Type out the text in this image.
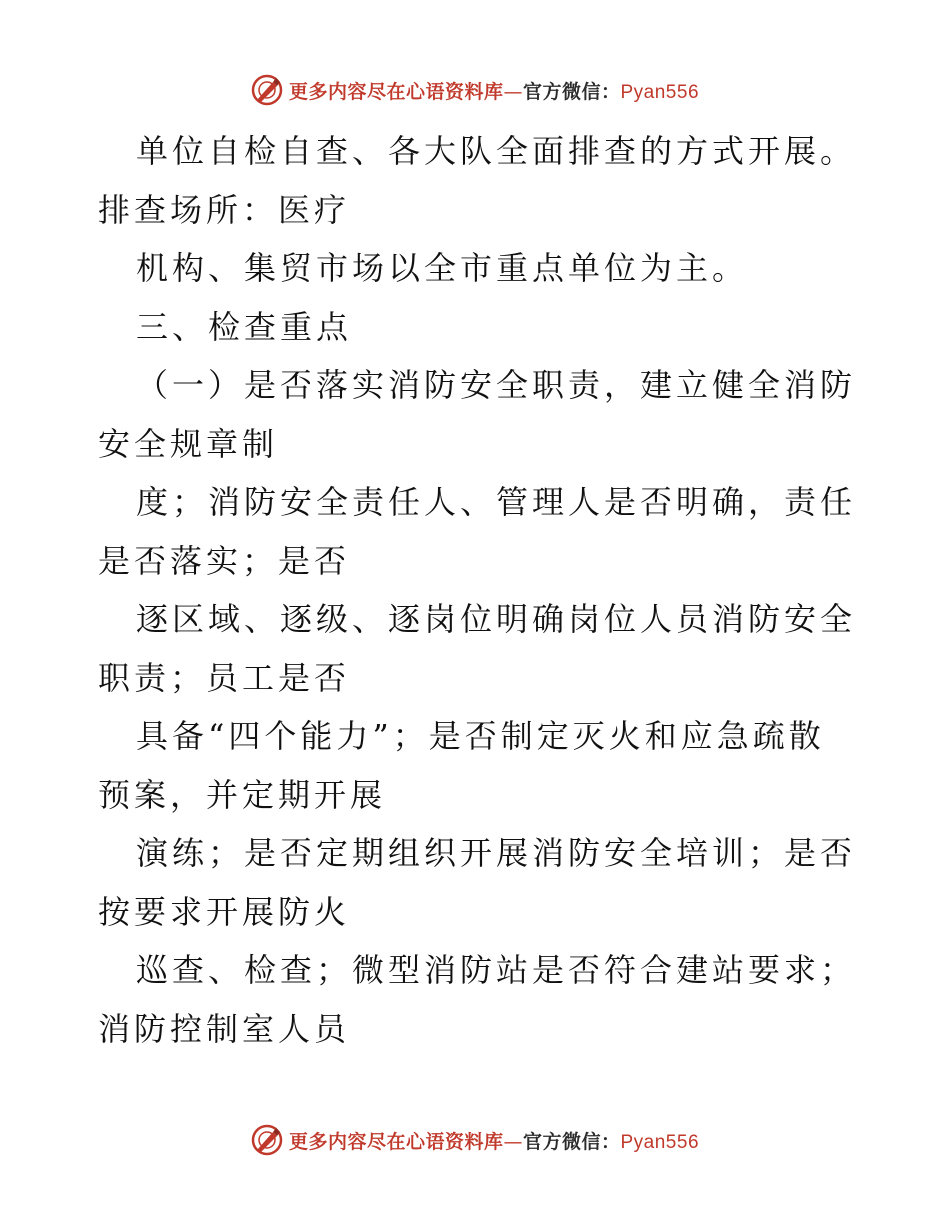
更多内容尽在心语资料库—官方微信：Pyan556

单位自检自查、各大队全面排查的方式开展。排查场所：医疗

机构、集贸市场以全市重点单位为主。

三、检查重点

（一）是否落实消防安全职责，建立健全消防安全规章制

度；消防安全责任人、管理人是否明确，责任是否落实；是否

逐区域、逐级、逐岗位明确岗位人员消防安全职责；员工是否

具备“四个能力”；是否制定灭火和应急疏散预案，并定期开展

演练；是否定期组织开展消防安全培训；是否按要求开展防火

巡查、检查；微型消防站是否符合建站要求；消防控制室人员

更多内容尽在心语资料库—官方微信：Pyan556
